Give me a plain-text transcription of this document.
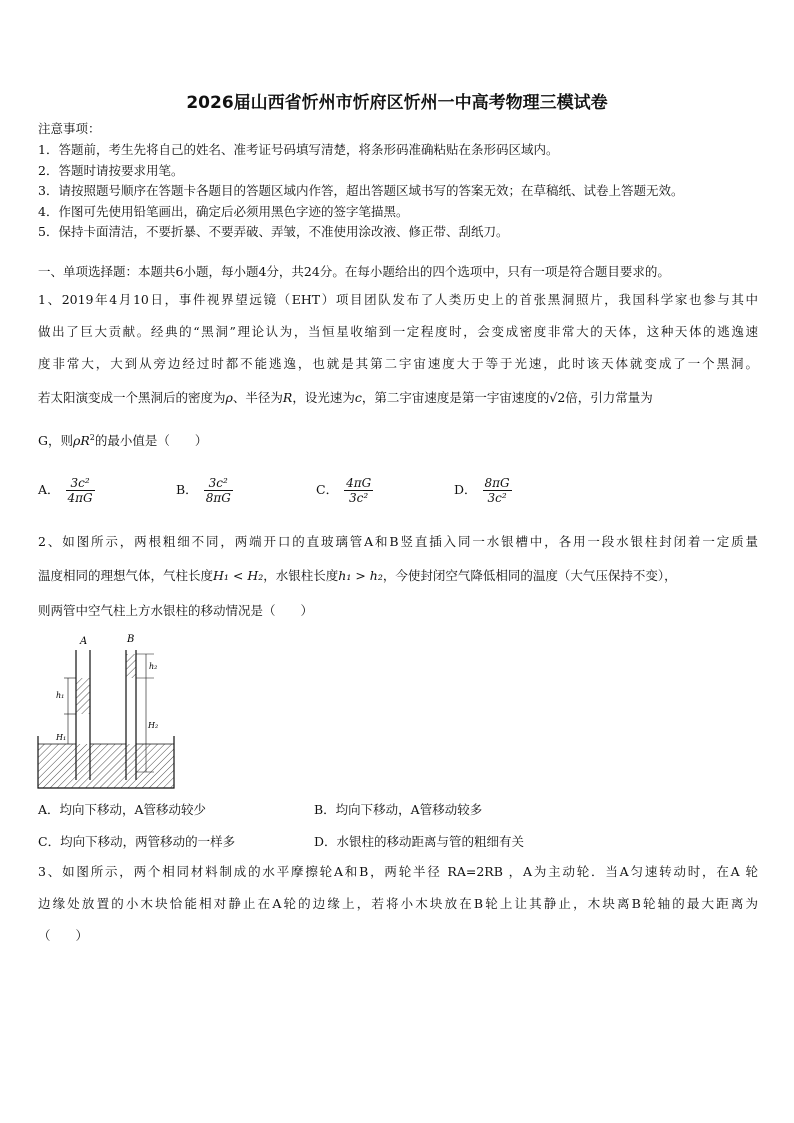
2026届山西省忻州市忻府区忻州一中高考物理三模试卷
注意事项：
1．答题前，考生先将自己的姓名、准考证号码填写清楚，将条形码准确粘贴在条形码区域内。
2．答题时请按要求用笔。
3．请按照题号顺序在答题卡各题目的答题区域内作答，超出答题区域书写的答案无效；在草稿纸、试卷上答题无效。
4．作图可先使用铅笔画出，确定后必须用黑色字迹的签字笔描黑。
5．保持卡面清洁，不要折暴、不要弄破、弄皱，不准使用涂改液、修正带、刮纸刀。
一、单项选择题：本题共6小题，每小题4分，共24分。在每小题给出的四个选项中，只有一项是符合题目要求的。
1、2019年4月10日，事件视界望远镜（EHT）项目团队发布了人类历史上的首张黑洞照片，我国科学家也参与其中
做出了巨大贡献。经典的“黑洞”理论认为，当恒星收缩到一定程度时，会变成密度非常大的天体，这种天体的逃逸速
度非常大，大到从旁边经过时都不能逃逸，也就是其第二宇宙速度大于等于光速，此时该天体就变成了一个黑洞。
若太阳演变成一个黑洞后的密度为ρ、半径为R，设光速为c，第二宇宙速度是第一宇宙速度的√2倍，引力常量为
G，则$\rho R^2$的最小值是（　　）
A． $\frac{\text{3c²}}{4\pi G}$	B． $\frac{\text{3c²}}{8\pi G}$	C． $\frac{4\pi G}{\text{3c²}}$	D． $\frac{8\pi G}{\text{3c²}}$
2、如图所示，两根粗细不同，两端开口的直玻璃管A和B竖直插入同一水银槽中，各用一段水银柱封闭着一定质量
温度相同的理想气体，气柱长度H₁ < H₂，水银柱长度h₁ > h₂，今使封闭空气降低相同的温度（大气压保持不变），
则两管中空气柱上方水银柱的移动情况是（　　）
A	B
h₁
H₁
h₂
H₂
A．均向下移动，A管移动较少	B．均向下移动，A管移动较多
C．均向下移动，两管移动的一样多	D．水银柱的移动距离与管的粗细有关
3、如图所示，两个相同材料制成的水平摩擦轮A和B，两轮半径 RA=2RB ，A为主动轮．当A匀速转动时，在A 轮
边缘处放置的小木块恰能相对静止在A轮的边缘上，若将小木块放在B轮上让其静止，木块离B轮轴的最大距离为
（　　）
